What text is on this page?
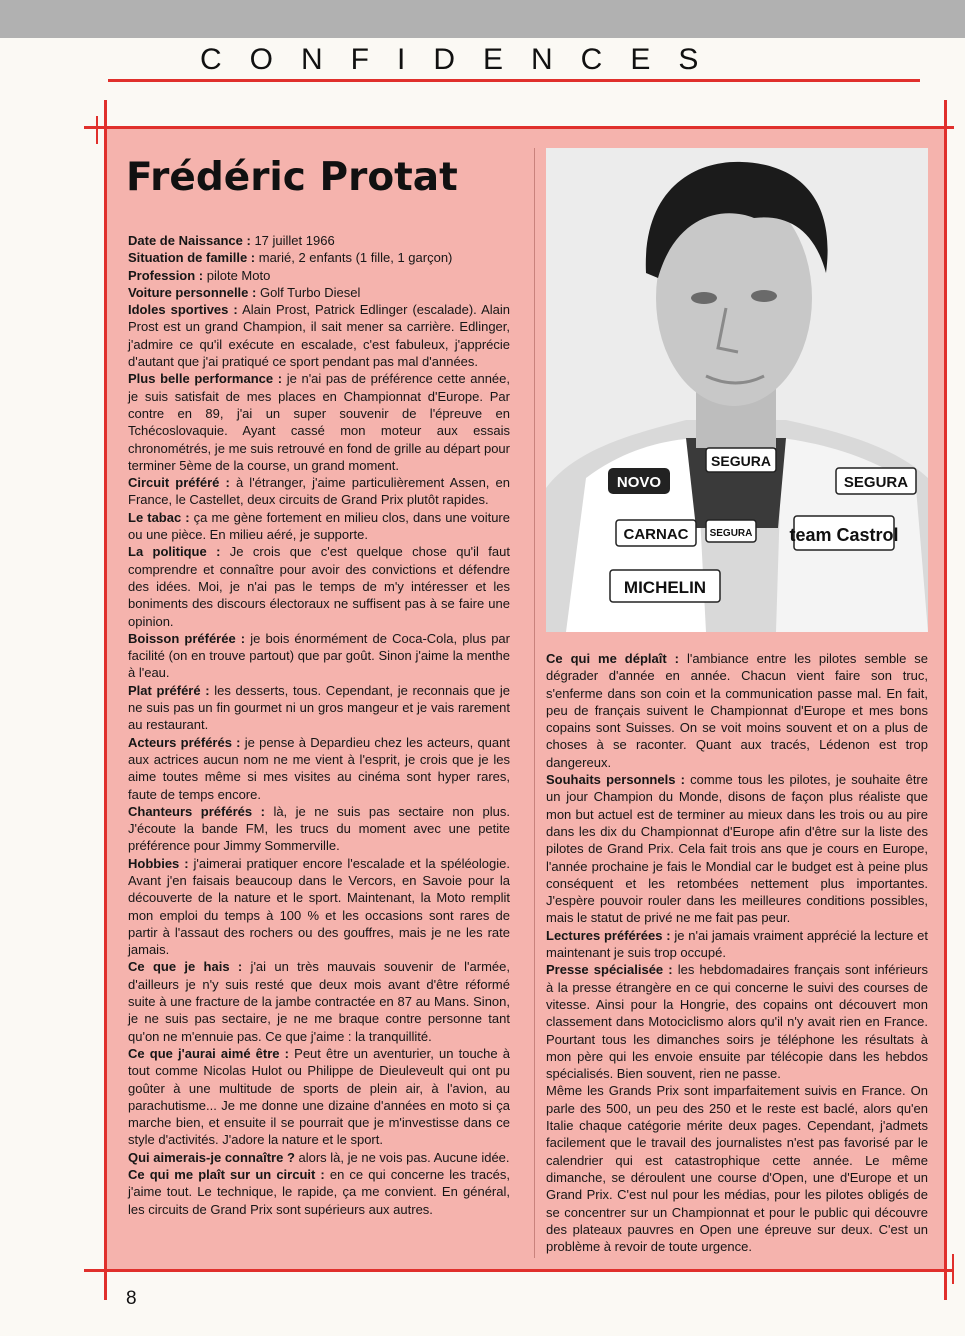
CONFIDENCES
Frédéric Protat

Date de Naissance : 17 juillet 1966

Situation de famille : marié, 2 enfants (1 fille, 1 garçon)

Profession : pilote Moto

Voiture personnelle : Golf Turbo Diesel

Idoles sportives : Alain Prost, Patrick Edlinger (escalade). Alain Prost est un grand Champion, il sait mener sa carrière. Edlinger, j'admire ce qu'il exécute en escalade, c'est fabuleux, j'apprécie d'autant que j'ai pratiqué ce sport pendant pas mal d'années.

Plus belle performance : je n'ai pas de préférence cette année, je suis satisfait de mes places en Championnat d'Europe. Par contre en 89, j'ai un super souvenir de l'épreuve en Tchécoslovaquie. Ayant cassé mon moteur aux essais chronométrés, je me suis retrouvé en fond de grille au départ pour terminer 5ème de la course, un grand moment.

Circuit préféré : à l'étranger, j'aime particulièrement Assen, en France, le Castellet, deux circuits de Grand Prix plutôt rapides.

Le tabac : ça me gène fortement en milieu clos, dans une voiture ou une pièce. En milieu aéré, je supporte.

La politique : Je crois que c'est quelque chose qu'il faut comprendre et connaître pour avoir des convictions et défendre des idées. Moi, je n'ai pas le temps de m'y intéresser et les boniments des discours électoraux ne suffisent pas à se faire une opinion.

Boisson préférée : je bois énormément de Coca-Cola, plus par facilité (on en trouve partout) que par goût. Sinon j'aime la menthe à l'eau.

Plat préféré : les desserts, tous. Cependant, je reconnais que je ne suis pas un fin gourmet ni un gros mangeur et je vais rarement au restaurant.

Acteurs préférés : je pense à Depardieu chez les acteurs, quant aux actrices aucun nom ne me vient à l'esprit, je crois que je les aime toutes même si mes visites au cinéma sont hyper rares, faute de temps encore.

Chanteurs préférés : là, je ne suis pas sectaire non plus. J'écoute la bande FM, les trucs du moment avec une petite préférence pour Jimmy Sommerville.

Hobbies : j'aimerai pratiquer encore l'escalade et la spéléologie. Avant j'en faisais beaucoup dans le Vercors, en Savoie pour la découverte de la nature et le sport. Maintenant, la Moto remplit mon emploi du temps à 100 % et les occasions sont rares de partir à l'assaut des rochers ou des gouffres, mais je ne les rate jamais.

Ce que je hais : j'ai un très mauvais souvenir de l'armée, d'ailleurs je n'y suis resté que deux mois avant d'être réformé suite à une fracture de la jambe contractée en 87 au Mans. Sinon, je ne suis pas sectaire, je ne me braque contre personne tant qu'on ne m'ennuie pas. Ce que j'aime : la tranquillité.

Ce que j'aurai aimé être : Peut être un aventurier, un touche à tout comme Nicolas Hulot ou Philippe de Dieuleveult qui ont pu goûter à une multitude de sports de plein air, à l'avion, au parachutisme... Je me donne une dizaine d'années en moto si ça marche bien, et ensuite il se pourrait que je m'investisse dans ce style d'activités. J'adore la nature et le sport.

Qui aimerais-je connaître ? alors là, je ne vois pas. Aucune idée.

Ce qui me plaît sur un circuit : en ce qui concerne les tracés, j'aime tout. Le technique, le rapide, ça me convient. En général, les circuits de Grand Prix sont supérieurs aux autres.

NOVO
SEGURA
SEGURA
team Castrol
CARNAC SEGURA
MICHELIN

Ce qui me déplaît : l'ambiance entre les pilotes semble se dégrader d'année en année. Chacun vient faire son truc, s'enferme dans son coin et la communication passe mal. En fait, peu de français suivent le Championnat d'Europe et mes bons copains sont Suisses. On se voit moins souvent et on a plus de choses à se raconter. Quant aux tracés, Lédenon est trop dangereux.

Souhaits personnels : comme tous les pilotes, je souhaite être un jour Champion du Monde, disons de façon plus réaliste que mon but actuel est de terminer au mieux dans les trois ou au pire dans les dix du Championnat d'Europe afin d'être sur la liste des pilotes de Grand Prix. Cela fait trois ans que je cours en Europe, l'année prochaine je fais le Mondial car le budget est à peine plus conséquent et les retombées nettement plus importantes. J'espère pouvoir rouler dans les meilleures conditions possibles, mais le statut de privé ne me fait pas peur.

Lectures préférées : je n'ai jamais vraiment apprécié la lecture et maintenant je suis trop occupé.

Presse spécialisée : les hebdomadaires français sont inférieurs à la presse étrangère en ce qui concerne le suivi des courses de vitesse. Ainsi pour la Hongrie, des copains ont découvert mon classement dans Motociclismo alors qu'il n'y avait rien en France. Pourtant tous les dimanches soirs je téléphone les résultats à mon père qui les envoie ensuite par télécopie dans les hebdos spécialisés. Bien souvent, rien ne passe.

Même les Grands Prix sont imparfaitement suivis en France. On parle des 500, un peu des 250 et le reste est baclé, alors qu'en Italie chaque catégorie mérite deux pages. Cependant, j'admets facilement que le travail des journalistes n'est pas favorisé par le calendrier qui est catastrophique cette année. Le même dimanche, se déroulent une course d'Open, une d'Europe et un Grand Prix. C'est nul pour les médias, pour les pilotes obligés de se concentrer sur un Championnat et pour le public qui découvre des plateaux pauvres en Open une épreuve sur deux. C'est un problème à revoir de toute urgence.

8
